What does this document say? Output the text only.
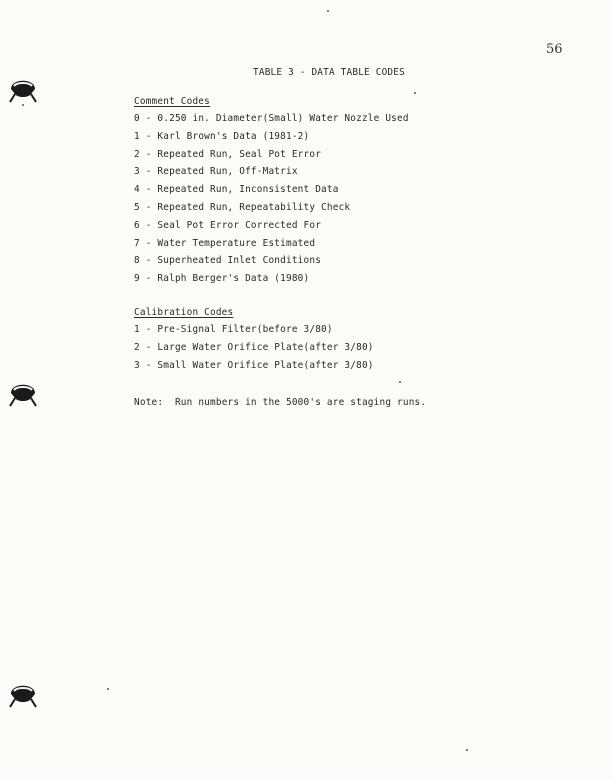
56
TABLE 3 - DATA TABLE CODES
Comment Codes
0 - 0.250 in. Diameter(Small) Water Nozzle Used
1 - Karl Brown's Data (1981-2)
2 - Repeated Run, Seal Pot Error
3 - Repeated Run, Off-Matrix
4 - Repeated Run, Inconsistent Data
5 - Repeated Run, Repeatability Check
6 - Seal Pot Error Corrected For
7 - Water Temperature Estimated
8 - Superheated Inlet Conditions
9 - Ralph Berger's Data (1980)
Calibration Codes
1 - Pre-Signal Filter(before 3/80)
2 - Large Water Orifice Plate(after 3/80)
3 - Small Water Orifice Plate(after 3/80)
Note: Run numbers in the 5000's are staging runs.
